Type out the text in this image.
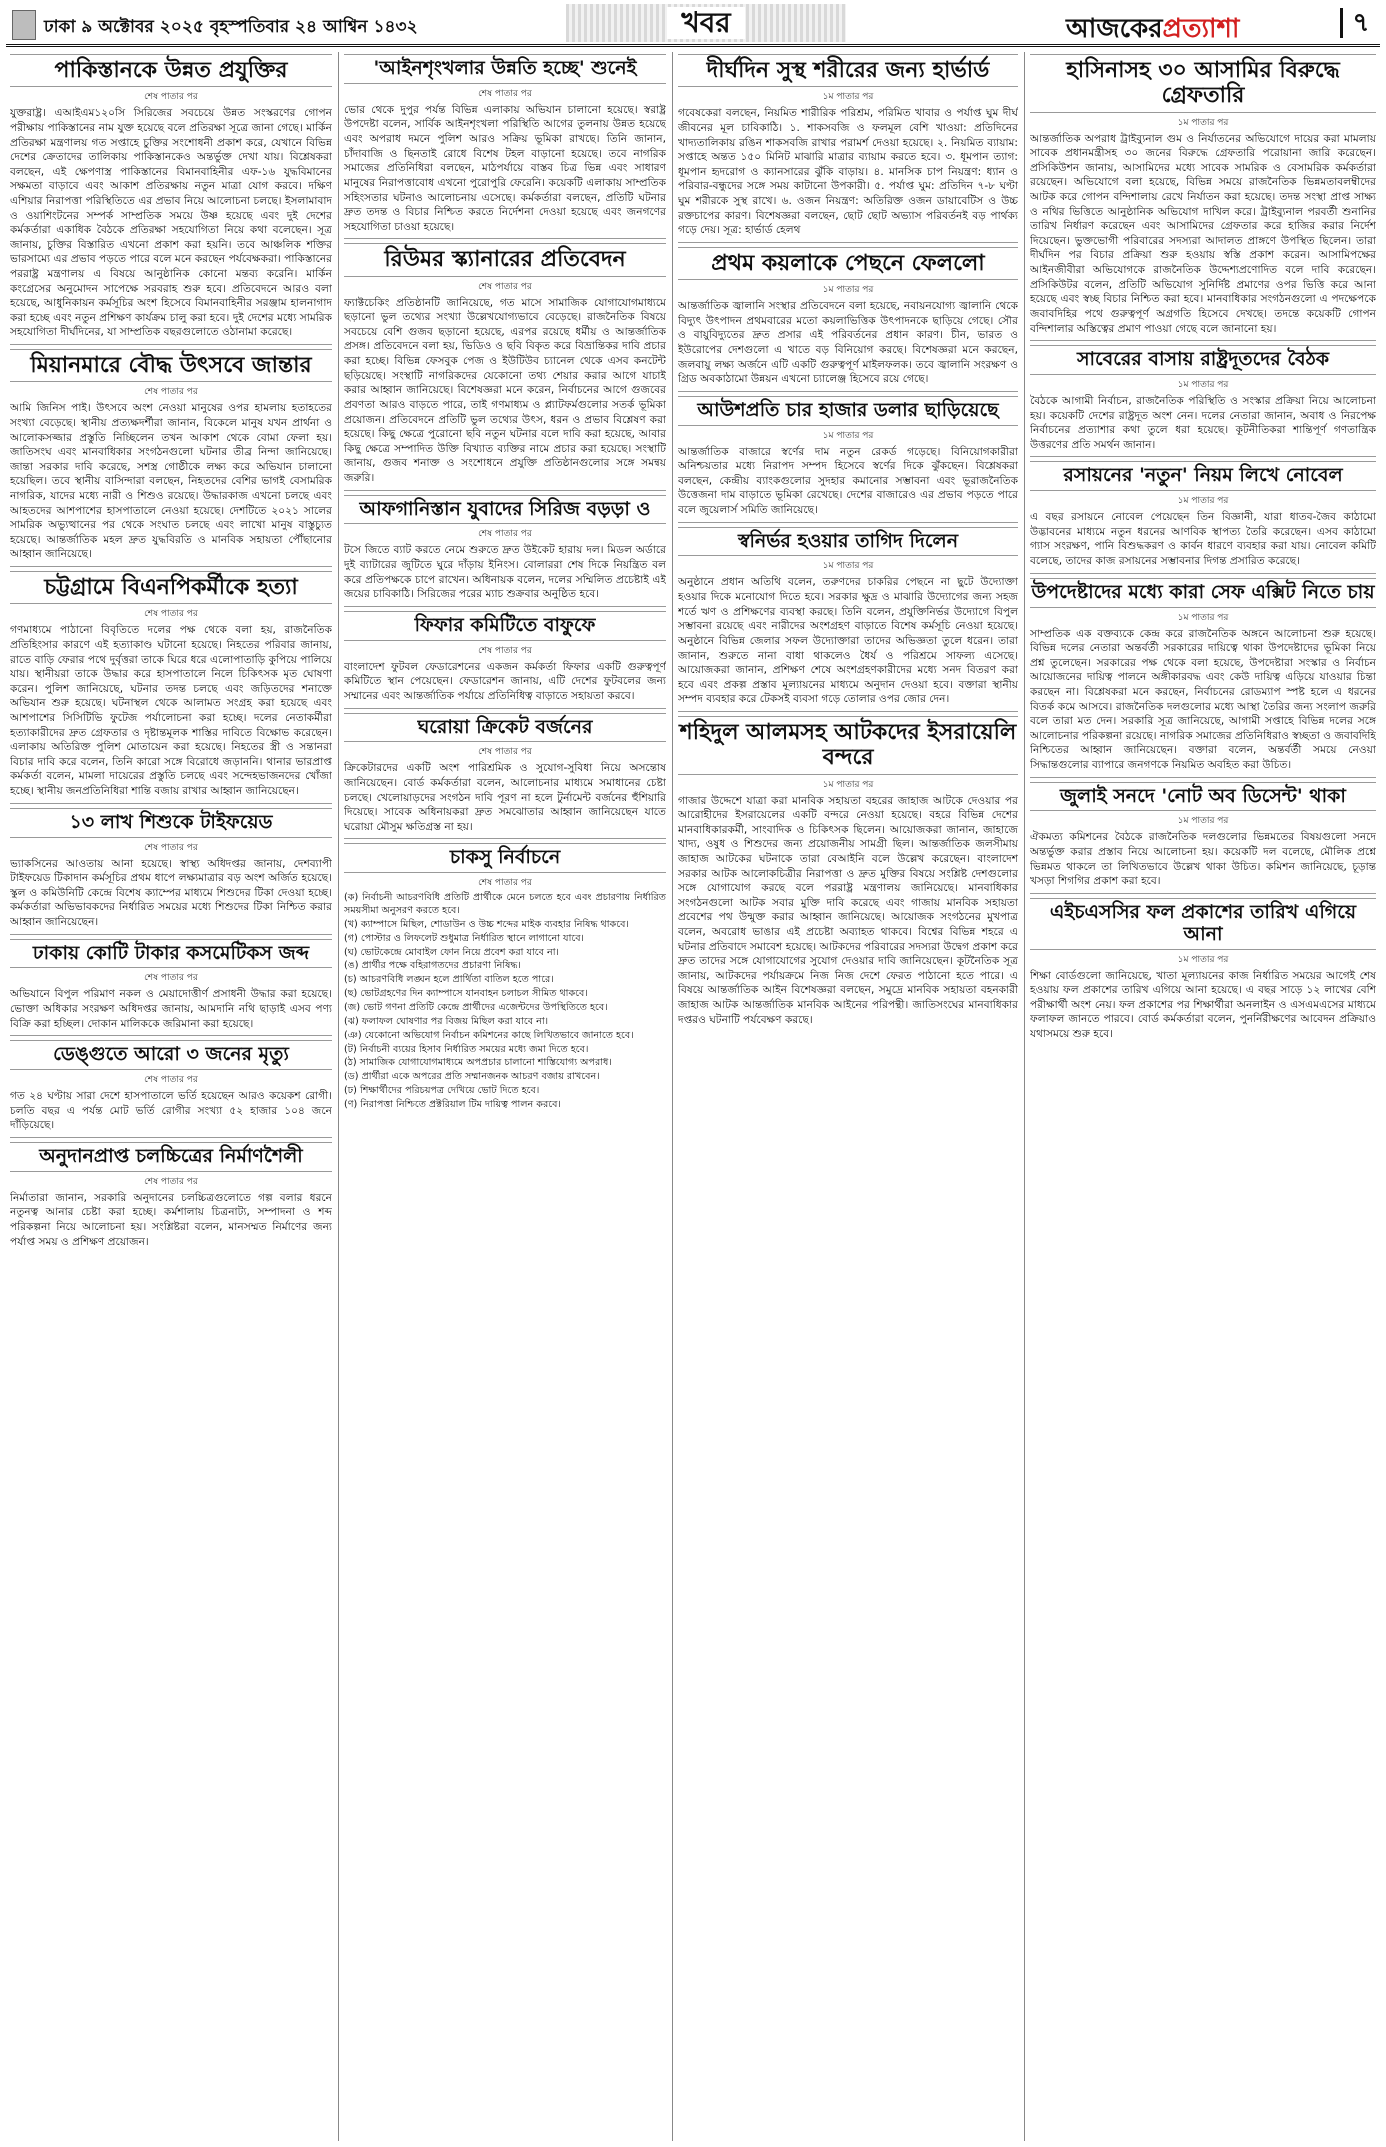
ঢাকা ৯ অক্টোবর ২০২৫ বৃহস্পতিবার ২৪ আশ্বিন ১৪৩২	খবর	আজকেরপ্রত্যাশা	৭
পাকিস্তানকে উন্নত প্রযুক্তির
শেষ পাতার পর

যুক্তরাষ্ট্র। এআইএম১২০সি সিরিজের সবচেয়ে উন্নত সংস্করণের গোপন পরীক্ষায় পাকিস্তানের নাম যুক্ত হয়েছে বলে প্রতিরক্ষা সূত্রে জানা গেছে। মার্কিন প্রতিরক্ষা মন্ত্রণালয় গত সপ্তাহে চুক্তির সংশোধনী প্রকাশ করে, যেখানে বিভিন্ন দেশের ক্রেতাদের তালিকায় পাকিস্তানকেও অন্তর্ভুক্ত দেখা যায়। বিশ্লেষকরা বলছেন, এই ক্ষেপণাস্ত্র পাকিস্তানের বিমানবাহিনীর এফ-১৬ যুদ্ধবিমানের সক্ষমতা বাড়াবে এবং আকাশ প্রতিরক্ষায় নতুন মাত্রা যোগ করবে। দক্ষিণ এশিয়ার নিরাপত্তা পরিস্থিতিতে এর প্রভাব নিয়ে আলোচনা চলছে। ইসলামাবাদ ও ওয়াশিংটনের সম্পর্ক সাম্প্রতিক সময়ে উষ্ণ হয়েছে এবং দুই দেশের কর্মকর্তারা একাধিক বৈঠকে প্রতিরক্ষা সহযোগিতা নিয়ে কথা বলেছেন। সূত্র জানায়, চুক্তির বিস্তারিত এখনো প্রকাশ করা হয়নি। তবে আঞ্চলিক শক্তির ভারসাম্যে এর প্রভাব পড়তে পারে বলে মনে করছেন পর্যবেক্ষকরা। পাকিস্তানের পররাষ্ট্র মন্ত্রণালয় এ বিষয়ে আনুষ্ঠানিক কোনো মন্তব্য করেনি। মার্কিন কংগ্রেসের অনুমোদন সাপেক্ষে সরবরাহ শুরু হবে। প্রতিবেদনে আরও বলা হয়েছে, আধুনিকায়ন কর্মসূচির অংশ হিসেবে বিমানবাহিনীর সরঞ্জাম হালনাগাদ করা হচ্ছে এবং নতুন প্রশিক্ষণ কার্যক্রম চালু করা হবে। দুই দেশের মধ্যে সামরিক সহযোগিতা দীর্ঘদিনের, যা সাম্প্রতিক বছরগুলোতে ওঠানামা করেছে।

মিয়ানমারে বৌদ্ধ উৎসবে জান্তার
শেষ পাতার পর

আমি জিনিস পাই। উৎসবে অংশ নেওয়া মানুষের ওপর হামলায় হতাহতের সংখ্যা বেড়েছে। স্থানীয় প্রত্যক্ষদর্শীরা জানান, বিকেলে মানুষ যখন প্রার্থনা ও আলোকসজ্জার প্রস্তুতি নিচ্ছিলেন তখন আকাশ থেকে বোমা ফেলা হয়। জাতিসংঘ এবং মানবাধিকার সংগঠনগুলো ঘটনার তীব্র নিন্দা জানিয়েছে। জান্তা সরকার দাবি করেছে, সশস্ত্র গোষ্ঠীকে লক্ষ্য করে অভিযান চালানো হয়েছিল। তবে স্থানীয় বাসিন্দারা বলছেন, নিহতদের বেশির ভাগই বেসামরিক নাগরিক, যাদের মধ্যে নারী ও শিশুও রয়েছে। উদ্ধারকাজ এখনো চলছে এবং আহতদের আশপাশের হাসপাতালে নেওয়া হয়েছে। দেশটিতে ২০২১ সালের সামরিক অভ্যুত্থানের পর থেকে সংঘাত চলছে এবং লাখো মানুষ বাস্তুচ্যুত হয়েছে। আন্তর্জাতিক মহল দ্রুত যুদ্ধবিরতি ও মানবিক সহায়তা পৌঁছানোর আহ্বান জানিয়েছে।

চট্টগ্রামে বিএনপিকর্মীকে হত্যা
শেষ পাতার পর

গণমাধ্যমে পাঠানো বিবৃতিতে দলের পক্ষ থেকে বলা হয়, রাজনৈতিক প্রতিহিংসার কারণে এই হত্যাকাণ্ড ঘটানো হয়েছে। নিহতের পরিবার জানায়, রাতে বাড়ি ফেরার পথে দুর্বৃত্তরা তাকে ঘিরে ধরে এলোপাতাড়ি কুপিয়ে পালিয়ে যায়। স্থানীয়রা তাকে উদ্ধার করে হাসপাতালে নিলে চিকিৎসক মৃত ঘোষণা করেন। পুলিশ জানিয়েছে, ঘটনার তদন্ত চলছে এবং জড়িতদের শনাক্তে অভিযান শুরু হয়েছে। ঘটনাস্থল থেকে আলামত সংগ্রহ করা হয়েছে এবং আশপাশের সিসিটিভি ফুটেজ পর্যালোচনা করা হচ্ছে। দলের নেতাকর্মীরা হত্যাকারীদের দ্রুত গ্রেফতার ও দৃষ্টান্তমূলক শাস্তির দাবিতে বিক্ষোভ করেছেন। এলাকায় অতিরিক্ত পুলিশ মোতায়েন করা হয়েছে। নিহতের স্ত্রী ও সন্তানরা বিচার দাবি করে বলেন, তিনি কারো সঙ্গে বিরোধে জড়াননি। থানার ভারপ্রাপ্ত কর্মকর্তা বলেন, মামলা দায়েরের প্রস্তুতি চলছে এবং সন্দেহভাজনদের খোঁজা হচ্ছে। স্থানীয় জনপ্রতিনিধিরা শান্তি বজায় রাখার আহ্বান জানিয়েছেন।

১৩ লাখ শিশুকে টাইফয়েড
শেষ পাতার পর

ভ্যাকসিনের আওতায় আনা হয়েছে। স্বাস্থ্য অধিদপ্তর জানায়, দেশব্যাপী টাইফয়েড টিকাদান কর্মসূচির প্রথম ধাপে লক্ষ্যমাত্রার বড় অংশ অর্জিত হয়েছে। স্কুল ও কমিউনিটি কেন্দ্রে বিশেষ ক্যাম্পের মাধ্যমে শিশুদের টিকা দেওয়া হচ্ছে। কর্মকর্তারা অভিভাবকদের নির্ধারিত সময়ের মধ্যে শিশুদের টিকা নিশ্চিত করার আহ্বান জানিয়েছেন।

ঢাকায় কোটি টাকার কসমেটিকস জব্দ
শেষ পাতার পর

অভিযানে বিপুল পরিমাণ নকল ও মেয়াদোত্তীর্ণ প্রসাধনী উদ্ধার করা হয়েছে। ভোক্তা অধিকার সংরক্ষণ অধিদপ্তর জানায়, আমদানি নথি ছাড়াই এসব পণ্য বিক্রি করা হচ্ছিল। দোকান মালিককে জরিমানা করা হয়েছে।

ডেঙ্গুতে আরো ৩ জনের মৃত্যু
শেষ পাতার পর

গত ২৪ ঘণ্টায় সারা দেশে হাসপাতালে ভর্তি হয়েছেন আরও কয়েকশ রোগী। চলতি বছর এ পর্যন্ত মোট ভর্তি রোগীর সংখ্যা ৫২ হাজার ১০৪ জনে দাঁড়িয়েছে।

অনুদানপ্রাপ্ত চলচ্চিত্রের নির্মাণশৈলী
শেষ পাতার পর

নির্মাতারা জানান, সরকারি অনুদানের চলচ্চিত্রগুলোতে গল্প বলার ধরনে নতুনত্ব আনার চেষ্টা করা হচ্ছে। কর্মশালায় চিত্রনাট্য, সম্পাদনা ও শব্দ পরিকল্পনা নিয়ে আলোচনা হয়। সংশ্লিষ্টরা বলেন, মানসম্মত নির্মাণের জন্য পর্যাপ্ত সময় ও প্রশিক্ষণ প্রয়োজন।

'আইনশৃংখলার উন্নতি হচ্ছে' শুনেই
শেষ পাতার পর

ভোর থেকে দুপুর পর্যন্ত বিভিন্ন এলাকায় অভিযান চালানো হয়েছে। স্বরাষ্ট্র উপদেষ্টা বলেন, সার্বিক আইনশৃংখলা পরিস্থিতি আগের তুলনায় উন্নত হয়েছে এবং অপরাধ দমনে পুলিশ আরও সক্রিয় ভূমিকা রাখছে। তিনি জানান, চাঁদাবাজি ও ছিনতাই রোধে বিশেষ টহল বাড়ানো হয়েছে। তবে নাগরিক সমাজের প্রতিনিধিরা বলছেন, মাঠপর্যায়ে বাস্তব চিত্র ভিন্ন এবং সাধারণ মানুষের নিরাপত্তাবোধ এখনো পুরোপুরি ফেরেনি। কয়েকটি এলাকায় সাম্প্রতিক সহিংসতার ঘটনাও আলোচনায় এসেছে। কর্মকর্তারা বলছেন, প্রতিটি ঘটনার দ্রুত তদন্ত ও বিচার নিশ্চিত করতে নির্দেশনা দেওয়া হয়েছে এবং জনগণের সহযোগিতা চাওয়া হয়েছে।

রিউমর স্ক্যানারের প্রতিবেদন
শেষ পাতার পর

ফ্যাক্টচেকিং প্রতিষ্ঠানটি জানিয়েছে, গত মাসে সামাজিক যোগাযোগমাধ্যমে ছড়ানো ভুল তথ্যের সংখ্যা উল্লেখযোগ্যভাবে বেড়েছে। রাজনৈতিক বিষয়ে সবচেয়ে বেশি গুজব ছড়ানো হয়েছে, এরপর রয়েছে ধর্মীয় ও আন্তর্জাতিক প্রসঙ্গ। প্রতিবেদনে বলা হয়, ভিডিও ও ছবি বিকৃত করে বিভ্রান্তিকর দাবি প্রচার করা হচ্ছে। বিভিন্ন ফেসবুক পেজ ও ইউটিউব চ্যানেল থেকে এসব কনটেন্ট ছড়িয়েছে। সংস্থাটি নাগরিকদের যেকোনো তথ্য শেয়ার করার আগে যাচাই করার আহ্বান জানিয়েছে। বিশেষজ্ঞরা মনে করেন, নির্বাচনের আগে গুজবের প্রবণতা আরও বাড়তে পারে, তাই গণমাধ্যম ও প্ল্যাটফর্মগুলোর সতর্ক ভূমিকা প্রয়োজন। প্রতিবেদনে প্রতিটি ভুল তথ্যের উৎস, ধরন ও প্রভাব বিশ্লেষণ করা হয়েছে। কিছু ক্ষেত্রে পুরোনো ছবি নতুন ঘটনার বলে দাবি করা হয়েছে, আবার কিছু ক্ষেত্রে সম্পাদিত উক্তি বিখ্যাত ব্যক্তির নামে প্রচার করা হয়েছে। সংস্থাটি জানায়, গুজব শনাক্ত ও সংশোধনে প্রযুক্তি প্রতিষ্ঠানগুলোর সঙ্গে সমন্বয় জরুরি।

আফগানিস্তান যুবাদের সিরিজ বড়ড়া ও
শেষ পাতার পর

টসে জিতে ব্যাট করতে নেমে শুরুতে দ্রুত উইকেট হারায় দল। মিডল অর্ডারে দুই ব্যাটারের জুটিতে ঘুরে দাঁড়ায় ইনিংস। বোলাররা শেষ দিকে নিয়ন্ত্রিত বল করে প্রতিপক্ষকে চাপে রাখেন। অধিনায়ক বলেন, দলের সম্মিলিত প্রচেষ্টাই এই জয়ের চাবিকাঠি। সিরিজের পরের ম্যাচ শুক্রবার অনুষ্ঠিত হবে।

ফিফার কমিটিতে বাফুফে
শেষ পাতার পর

বাংলাদেশ ফুটবল ফেডারেশনের একজন কর্মকর্তা ফিফার একটি গুরুত্বপূর্ণ কমিটিতে স্থান পেয়েছেন। ফেডারেশন জানায়, এটি দেশের ফুটবলের জন্য সম্মানের এবং আন্তর্জাতিক পর্যায়ে প্রতিনিধিত্ব বাড়াতে সহায়তা করবে।

ঘরোয়া ক্রিকেট বর্জনের
শেষ পাতার পর

ক্রিকেটারদের একটি অংশ পারিশ্রমিক ও সুযোগ-সুবিধা নিয়ে অসন্তোষ জানিয়েছেন। বোর্ড কর্মকর্তারা বলেন, আলোচনার মাধ্যমে সমাধানের চেষ্টা চলছে। খেলোয়াড়দের সংগঠন দাবি পূরণ না হলে টুর্নামেন্ট বর্জনের হুঁশিয়ারি দিয়েছে। সাবেক অধিনায়করা দ্রুত সমঝোতার আহ্বান জানিয়েছেন যাতে ঘরোয়া মৌসুম ক্ষতিগ্রস্ত না হয়।

চাকসু নির্বাচনে
শেষ পাতার পর
(ক) নির্বাচনী আচরণবিধি প্রতিটি প্রার্থীকে মেনে চলতে হবে এবং প্রচারণায় নির্ধারিত সময়সীমা অনুসরণ করতে হবে।
(খ) ক্যাম্পাসে মিছিল, শোডাউন ও উচ্চ শব্দের মাইক ব্যবহার নিষিদ্ধ থাকবে।
(গ) পোস্টার ও লিফলেট শুধুমাত্র নির্ধারিত স্থানে লাগানো যাবে।
(ঘ) ভোটকেন্দ্রে মোবাইল ফোন নিয়ে প্রবেশ করা যাবে না।
(ঙ) প্রার্থীর পক্ষে বহিরাগতদের প্রচারণা নিষিদ্ধ।
(চ) আচরণবিধি লঙ্ঘন হলে প্রার্থিতা বাতিল হতে পারে।
(ছ) ভোটগ্রহণের দিন ক্যাম্পাসে যানবাহন চলাচল সীমিত থাকবে।
(জ) ভোট গণনা প্রতিটি কেন্দ্রে প্রার্থীদের এজেন্টদের উপস্থিতিতে হবে।
(ঝ) ফলাফল ঘোষণার পর বিজয় মিছিল করা যাবে না।
(ঞ) যেকোনো অভিযোগ নির্বাচন কমিশনের কাছে লিখিতভাবে জানাতে হবে।
(ট) নির্বাচনী ব্যয়ের হিসাব নির্ধারিত সময়ের মধ্যে জমা দিতে হবে।
(ঠ) সামাজিক যোগাযোগমাধ্যমে অপপ্রচার চালানো শাস্তিযোগ্য অপরাধ।
(ড) প্রার্থীরা একে অপরের প্রতি সম্মানজনক আচরণ বজায় রাখবেন।
(ঢ) শিক্ষার্থীদের পরিচয়পত্র দেখিয়ে ভোট দিতে হবে।
(ণ) নিরাপত্তা নিশ্চিতে প্রক্টরিয়াল টিম দায়িত্ব পালন করবে।
দীর্ঘদিন সুস্থ শরীরের জন্য হার্ভার্ড
১ম পাতার পর

গবেষকেরা বলছেন, নিয়মিত শারীরিক পরিশ্রম, পরিমিত খাবার ও পর্যাপ্ত ঘুম দীর্ঘ জীবনের মূল চাবিকাঠি। ১. শাকসবজি ও ফলমূল বেশি খাওয়া: প্রতিদিনের খাদ্যতালিকায় রঙিন শাকসবজি রাখার পরামর্শ দেওয়া হয়েছে। ২. নিয়মিত ব্যায়াম: সপ্তাহে অন্তত ১৫০ মিনিট মাঝারি মাত্রার ব্যায়াম করতে হবে। ৩. ধূমপান ত্যাগ: ধূমপান হৃদরোগ ও ক্যানসারের ঝুঁকি বাড়ায়। ৪. মানসিক চাপ নিয়ন্ত্রণ: ধ্যান ও পরিবার-বন্ধুদের সঙ্গে সময় কাটানো উপকারী। ৫. পর্যাপ্ত ঘুম: প্রতিদিন ৭-৮ ঘণ্টা ঘুম শরীরকে সুস্থ রাখে। ৬. ওজন নিয়ন্ত্রণ: অতিরিক্ত ওজন ডায়াবেটিস ও উচ্চ রক্তচাপের কারণ। বিশেষজ্ঞরা বলছেন, ছোট ছোট অভ্যাস পরিবর্তনই বড় পার্থক্য গড়ে দেয়। সূত্র: হার্ভার্ড হেলথ

প্রথম কয়লাকে পেছনে ফেললো
১ম পাতার পর

আন্তর্জাতিক জ্বালানি সংস্থার প্রতিবেদনে বলা হয়েছে, নবায়নযোগ্য জ্বালানি থেকে বিদ্যুৎ উৎপাদন প্রথমবারের মতো কয়লাভিত্তিক উৎপাদনকে ছাড়িয়ে গেছে। সৌর ও বায়ুবিদ্যুতের দ্রুত প্রসার এই পরিবর্তনের প্রধান কারণ। চীন, ভারত ও ইউরোপের দেশগুলো এ খাতে বড় বিনিয়োগ করছে। বিশেষজ্ঞরা মনে করছেন, জলবায়ু লক্ষ্য অর্জনে এটি একটি গুরুত্বপূর্ণ মাইলফলক। তবে জ্বালানি সংরক্ষণ ও গ্রিড অবকাঠামো উন্নয়ন এখনো চ্যালেঞ্জ হিসেবে রয়ে গেছে।

আউশপ্রতি চার হাজার ডলার ছাড়িয়েছে
১ম পাতার পর

আন্তর্জাতিক বাজারে স্বর্ণের দাম নতুন রেকর্ড গড়েছে। বিনিয়োগকারীরা অনিশ্চয়তার মধ্যে নিরাপদ সম্পদ হিসেবে স্বর্ণের দিকে ঝুঁকছেন। বিশ্লেষকরা বলছেন, কেন্দ্রীয় ব্যাংকগুলোর সুদহার কমানোর সম্ভাবনা এবং ভূরাজনৈতিক উত্তেজনা দাম বাড়াতে ভূমিকা রেখেছে। দেশের বাজারেও এর প্রভাব পড়তে পারে বলে জুয়েলার্স সমিতি জানিয়েছে।

স্বনির্ভর হওয়ার তাগিদ দিলেন
১ম পাতার পর

অনুষ্ঠানে প্রধান অতিথি বলেন, তরুণদের চাকরির পেছনে না ছুটে উদ্যোক্তা হওয়ার দিকে মনোযোগ দিতে হবে। সরকার ক্ষুদ্র ও মাঝারি উদ্যোগের জন্য সহজ শর্তে ঋণ ও প্রশিক্ষণের ব্যবস্থা করছে। তিনি বলেন, প্রযুক্তিনির্ভর উদ্যোগে বিপুল সম্ভাবনা রয়েছে এবং নারীদের অংশগ্রহণ বাড়াতে বিশেষ কর্মসূচি নেওয়া হয়েছে। অনুষ্ঠানে বিভিন্ন জেলার সফল উদ্যোক্তারা তাদের অভিজ্ঞতা তুলে ধরেন। তারা জানান, শুরুতে নানা বাধা থাকলেও ধৈর্য ও পরিশ্রমে সাফল্য এসেছে। আয়োজকরা জানান, প্রশিক্ষণ শেষে অংশগ্রহণকারীদের মধ্যে সনদ বিতরণ করা হবে এবং প্রকল্প প্রস্তাব মূল্যায়নের মাধ্যমে অনুদান দেওয়া হবে। বক্তারা স্থানীয় সম্পদ ব্যবহার করে টেকসই ব্যবসা গড়ে তোলার ওপর জোর দেন।

শহিদুল আলমসহ আটকদের ইসরায়েলি বন্দরে
১ম পাতার পর

গাজার উদ্দেশে যাত্রা করা মানবিক সহায়তা বহরের জাহাজ আটকে দেওয়ার পর আরোহীদের ইসরায়েলের একটি বন্দরে নেওয়া হয়েছে। বহরে বিভিন্ন দেশের মানবাধিকারকর্মী, সাংবাদিক ও চিকিৎসক ছিলেন। আয়োজকরা জানান, জাহাজে খাদ্য, ওষুধ ও শিশুদের জন্য প্রয়োজনীয় সামগ্রী ছিল। আন্তর্জাতিক জলসীমায় জাহাজ আটকের ঘটনাকে তারা বেআইনি বলে উল্লেখ করেছেন। বাংলাদেশ সরকার আটক আলোকচিত্রীর নিরাপত্তা ও দ্রুত মুক্তির বিষয়ে সংশ্লিষ্ট দেশগুলোর সঙ্গে যোগাযোগ করছে বলে পররাষ্ট্র মন্ত্রণালয় জানিয়েছে। মানবাধিকার সংগঠনগুলো আটক সবার মুক্তি দাবি করেছে এবং গাজায় মানবিক সহায়তা প্রবেশের পথ উন্মুক্ত করার আহ্বান জানিয়েছে। আয়োজক সংগঠনের মুখপাত্র বলেন, অবরোধ ভাঙার এই প্রচেষ্টা অব্যাহত থাকবে। বিশ্বের বিভিন্ন শহরে এ ঘটনার প্রতিবাদে সমাবেশ হয়েছে। আটকদের পরিবারের সদস্যরা উদ্বেগ প্রকাশ করে দ্রুত তাদের সঙ্গে যোগাযোগের সুযোগ দেওয়ার দাবি জানিয়েছেন। কূটনৈতিক সূত্র জানায়, আটকদের পর্যায়ক্রমে নিজ নিজ দেশে ফেরত পাঠানো হতে পারে। এ বিষয়ে আন্তর্জাতিক আইন বিশেষজ্ঞরা বলছেন, সমুদ্রে মানবিক সহায়তা বহনকারী জাহাজ আটক আন্তর্জাতিক মানবিক আইনের পরিপন্থী। জাতিসংঘের মানবাধিকার দপ্তরও ঘটনাটি পর্যবেক্ষণ করছে।

হাসিনাসহ ৩০ আসামির বিরুদ্ধে গ্রেফতারি
১ম পাতার পর

আন্তর্জাতিক অপরাধ ট্রাইব্যুনাল গুম ও নির্যাতনের অভিযোগে দায়ের করা মামলায় সাবেক প্রধানমন্ত্রীসহ ৩০ জনের বিরুদ্ধে গ্রেফতারি পরোয়ানা জারি করেছেন। প্রসিকিউশন জানায়, আসামিদের মধ্যে সাবেক সামরিক ও বেসামরিক কর্মকর্তারা রয়েছেন। অভিযোগে বলা হয়েছে, বিভিন্ন সময়ে রাজনৈতিক ভিন্নমতাবলম্বীদের আটক করে গোপন বন্দিশালায় রেখে নির্যাতন করা হয়েছে। তদন্ত সংস্থা প্রাপ্ত সাক্ষ্য ও নথির ভিত্তিতে আনুষ্ঠানিক অভিযোগ দাখিল করে। ট্রাইব্যুনাল পরবর্তী শুনানির তারিখ নির্ধারণ করেছেন এবং আসামিদের গ্রেফতার করে হাজির করার নির্দেশ দিয়েছেন। ভুক্তভোগী পরিবারের সদস্যরা আদালত প্রাঙ্গণে উপস্থিত ছিলেন। তারা দীর্ঘদিন পর বিচার প্রক্রিয়া শুরু হওয়ায় স্বস্তি প্রকাশ করেন। আসামিপক্ষের আইনজীবীরা অভিযোগকে রাজনৈতিক উদ্দেশ্যপ্রণোদিত বলে দাবি করেছেন। প্রসিকিউটর বলেন, প্রতিটি অভিযোগ সুনির্দিষ্ট প্রমাণের ওপর ভিত্তি করে আনা হয়েছে এবং স্বচ্ছ বিচার নিশ্চিত করা হবে। মানবাধিকার সংগঠনগুলো এ পদক্ষেপকে জবাবদিহির পথে গুরুত্বপূর্ণ অগ্রগতি হিসেবে দেখছে। তদন্তে কয়েকটি গোপন বন্দিশালার অস্তিত্বের প্রমাণ পাওয়া গেছে বলে জানানো হয়।

সাবেরের বাসায় রাষ্ট্রদূতদের বৈঠক
১ম পাতার পর

বৈঠকে আগামী নির্বাচন, রাজনৈতিক পরিস্থিতি ও সংস্কার প্রক্রিয়া নিয়ে আলোচনা হয়। কয়েকটি দেশের রাষ্ট্রদূত অংশ নেন। দলের নেতারা জানান, অবাধ ও নিরপেক্ষ নির্বাচনের প্রত্যাশার কথা তুলে ধরা হয়েছে। কূটনীতিকরা শান্তিপূর্ণ গণতান্ত্রিক উত্তরণের প্রতি সমর্থন জানান।

রসায়নের 'নতুন' নিয়ম লিখে নোবেল
১ম পাতার পর

এ বছর রসায়নে নোবেল পেয়েছেন তিন বিজ্ঞানী, যারা ধাতব-জৈব কাঠামো উদ্ভাবনের মাধ্যমে নতুন ধরনের আণবিক স্থাপত্য তৈরি করেছেন। এসব কাঠামো গ্যাস সংরক্ষণ, পানি বিশুদ্ধকরণ ও কার্বন ধারণে ব্যবহার করা যায়। নোবেল কমিটি বলেছে, তাদের কাজ রসায়নের সম্ভাবনার দিগন্ত প্রসারিত করেছে।

উপদেষ্টাদের মধ্যে কারা সেফ এক্সিট নিতে চায়
১ম পাতার পর

সাম্প্রতিক এক বক্তব্যকে কেন্দ্র করে রাজনৈতিক অঙ্গনে আলোচনা শুরু হয়েছে। বিভিন্ন দলের নেতারা অন্তর্বর্তী সরকারের দায়িত্বে থাকা উপদেষ্টাদের ভূমিকা নিয়ে প্রশ্ন তুলেছেন। সরকারের পক্ষ থেকে বলা হয়েছে, উপদেষ্টারা সংস্কার ও নির্বাচন আয়োজনের দায়িত্ব পালনে অঙ্গীকারবদ্ধ এবং কেউ দায়িত্ব এড়িয়ে যাওয়ার চিন্তা করছেন না। বিশ্লেষকরা মনে করছেন, নির্বাচনের রোডম্যাপ স্পষ্ট হলে এ ধরনের বিতর্ক কমে আসবে। রাজনৈতিক দলগুলোর মধ্যে আস্থা তৈরির জন্য সংলাপ জরুরি বলে তারা মত দেন। সরকারি সূত্র জানিয়েছে, আগামী সপ্তাহে বিভিন্ন দলের সঙ্গে আলোচনার পরিকল্পনা রয়েছে। নাগরিক সমাজের প্রতিনিধিরাও স্বচ্ছতা ও জবাবদিহি নিশ্চিতের আহ্বান জানিয়েছেন। বক্তারা বলেন, অন্তর্বর্তী সময়ে নেওয়া সিদ্ধান্তগুলোর ব্যাপারে জনগণকে নিয়মিত অবহিত করা উচিত।

জুলাই সনদে 'নোট অব ডিসেন্ট' থাকা
১ম পাতার পর

ঐকমত্য কমিশনের বৈঠকে রাজনৈতিক দলগুলোর ভিন্নমতের বিষয়গুলো সনদে অন্তর্ভুক্ত করার প্রস্তাব নিয়ে আলোচনা হয়। কয়েকটি দল বলেছে, মৌলিক প্রশ্নে ভিন্নমত থাকলে তা লিখিতভাবে উল্লেখ থাকা উচিত। কমিশন জানিয়েছে, চূড়ান্ত খসড়া শিগগির প্রকাশ করা হবে।

এইচএসসির ফল প্রকাশের তারিখ এগিয়ে আনা
১ম পাতার পর

শিক্ষা বোর্ডগুলো জানিয়েছে, খাতা মূল্যায়নের কাজ নির্ধারিত সময়ের আগেই শেষ হওয়ায় ফল প্রকাশের তারিখ এগিয়ে আনা হয়েছে। এ বছর সাড়ে ১২ লাখের বেশি পরীক্ষার্থী অংশ নেয়। ফল প্রকাশের পর শিক্ষার্থীরা অনলাইন ও এসএমএসের মাধ্যমে ফলাফল জানতে পারবে। বোর্ড কর্মকর্তারা বলেন, পুনর্নিরীক্ষণের আবেদন প্রক্রিয়াও যথাসময়ে শুরু হবে।
